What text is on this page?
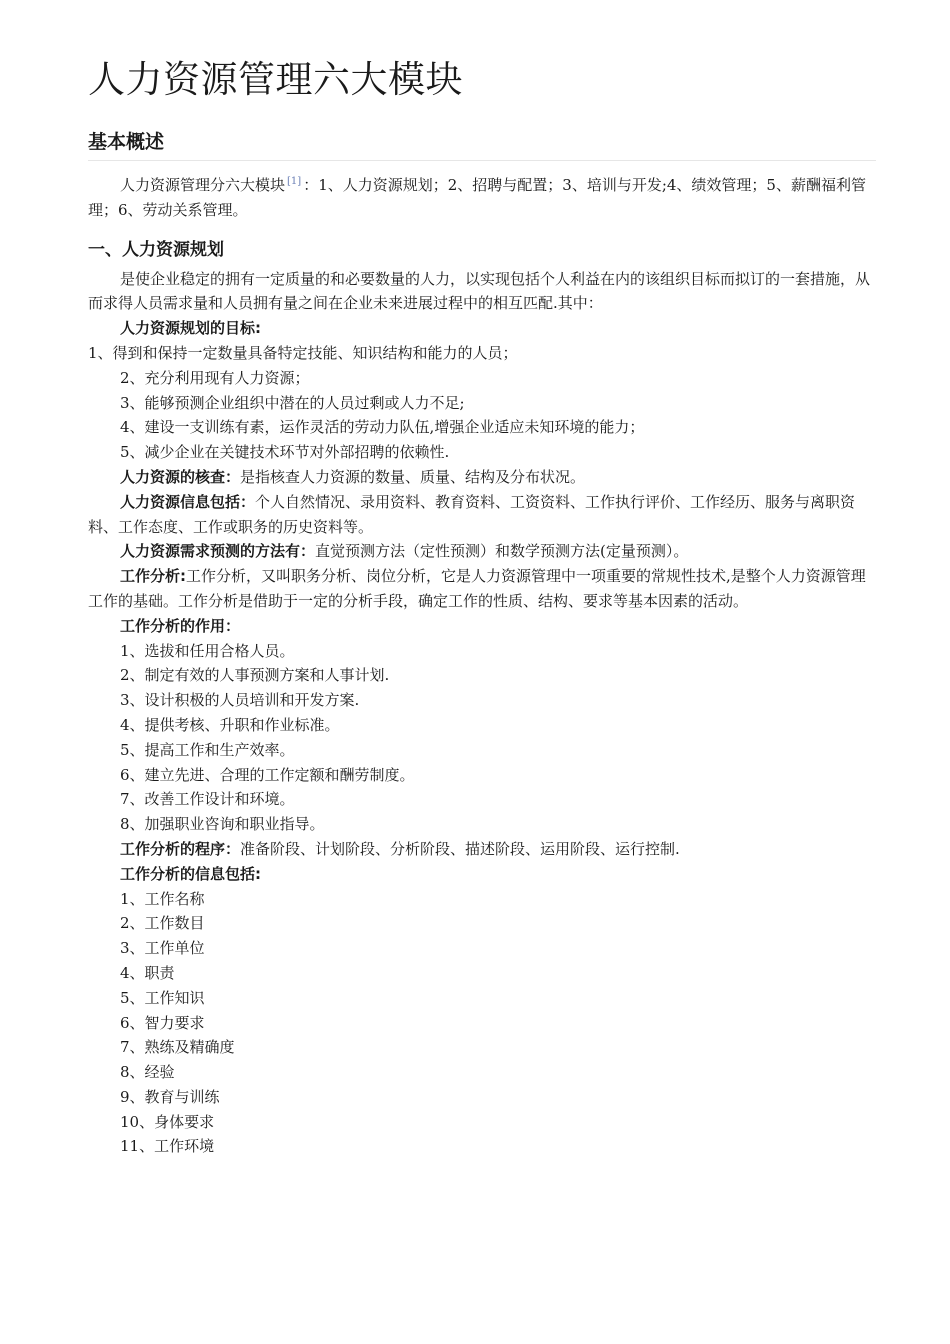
人力资源管理六大模块
基本概述

人力资源管理分六大模块 [1] ：1、人力资源规划；2、招聘与配置；3、培训与开发;4、绩效管理；5、薪酬福利管理；6、劳动关系管理。

一、人力资源规划

是使企业稳定的拥有一定质量的和必要数量的人力，以实现包括个人利益在内的该组织目标而拟订的一套措施，从而求得人员需求量和人员拥有量之间在企业未来进展过程中的相互匹配.其中：

人力资源规划的目标:

1、得到和保持一定数量具备特定技能、知识结构和能力的人员；

2、充分利用现有人力资源；

3、能够预测企业组织中潜在的人员过剩或人力不足;

4、建设一支训练有素，运作灵活的劳动力队伍,增强企业适应未知环境的能力；

5、减少企业在关键技术环节对外部招聘的依赖性.

人力资源的核查：是指核查人力资源的数量、质量、结构及分布状况。

人力资源信息包括：个人自然情况、录用资料、教育资料、工资资料、工作执行评价、工作经历、服务与离职资料、工作态度、工作或职务的历史资料等。

人力资源需求预测的方法有：直觉预测方法（定性预测）和数学预测方法(定量预测）。

工作分析:工作分析，又叫职务分析、岗位分析，它是人力资源管理中一项重要的常规性技术,是整个人力资源管理工作的基础。工作分析是借助于一定的分析手段，确定工作的性质、结构、要求等基本因素的活动。

工作分析的作用：

1、选拔和任用合格人员。

2、制定有效的人事预测方案和人事计划.

3、设计积极的人员培训和开发方案.

4、提供考核、升职和作业标准。

5、提高工作和生产效率。

6、建立先进、合理的工作定额和酬劳制度。

7、改善工作设计和环境。

8、加强职业咨询和职业指导。

工作分析的程序：准备阶段、计划阶段、分析阶段、描述阶段、运用阶段、运行控制.

工作分析的信息包括:

1、工作名称

2、工作数目

3、工作单位

4、职责

5、工作知识

6、智力要求

7、熟练及精确度

8、经验

9、教育与训练

10、身体要求

11、工作环境
